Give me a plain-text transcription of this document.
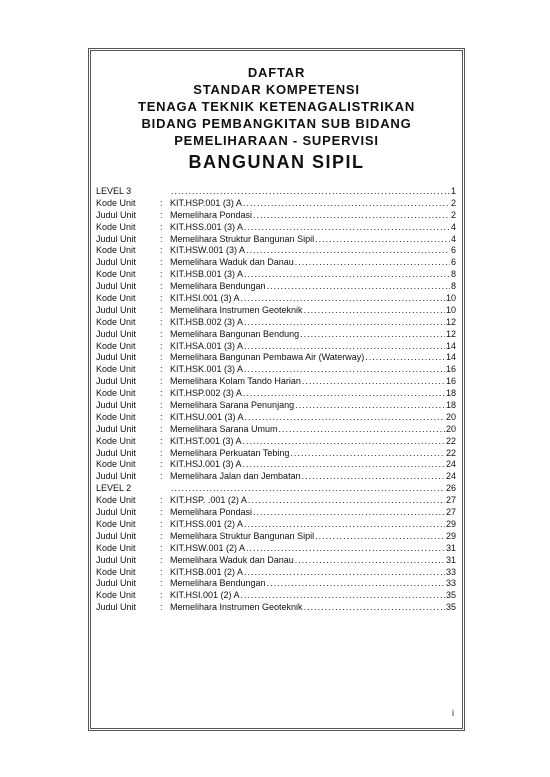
DAFTAR
STANDAR KOMPETENSI
TENAGA TEKNIK KETENAGALISTRIKAN
BIDANG PEMBANGKITAN SUB BIDANG
PEMELIHARAAN - SUPERVISI
BANGUNAN SIPIL
LEVEL 3 .....	1
Kode Unit	: KIT.HSP.001 (3) A .....	2
Judul Unit	: Memelihara Pondasi .....	2
Kode Unit	: KIT.HSS.001 (3) A .....	4
Judul Unit	: Memelihara Struktur Bangunan Sipil .....	4
Kode Unit	: KIT.HSW.001 (3) A .....	6
Judul Unit	: Memelihara Waduk dan Danau .....	6
Kode Unit	: KIT.HSB.001 (3) A .....	8
Judul Unit	: Memelihara Bendungan .....	8
Kode Unit	: KIT.HSI.001 (3) A .....	10
Judul Unit	: Memelihara Instrumen Geoteknik .....	10
Kode Unit	: KIT.HSB.002 (3) A .....	12
Judul Unit	: Memelihara Bangunan Bendung .....	12
Kode Unit	: KIT.HSA.001 (3) A .....	14
Judul Unit	: Memelihara Bangunan Pembawa Air (Waterway) .....	14
Kode Unit	: KIT.HSK.001 (3) A .....	16
Judul Unit	: Memelihara Kolam Tando Harian .....	16
Kode Unit	: KIT.HSP.002 (3) A .....	18
Judul Unit	: Memelihara Sarana Penunjang .....	18
Kode Unit	: KIT.HSU.001 (3) A .....	20
Judul Unit	: Memelihara Sarana Umum .....	20
Kode Unit	: KIT.HST.001 (3) A .....	22
Judul Unit	: Memelihara Perkuatan Tebing .....	22
Kode Unit	: KIT.HSJ.001 (3) A .....	24
Judul Unit	: Memelihara Jalan dan Jembatan .....	24
LEVEL 2 .....	26
Kode Unit	: KIT.HSP. .001 (2) A .....	27
Judul Unit	: Memelihara Pondasi .....	27
Kode Unit	: KIT.HSS.001 (2) A .....	29
Judul Unit	: Memelihara Struktur Bangunan Sipil .....	29
Kode Unit	: KIT.HSW.001 (2) A .....	31
Judul Unit	: Memelihara Waduk dan Danau .....	31
Kode Unit	: KIT.HSB.001 (2) A .....	33
Judul Unit	: Memelihara Bendungan .....	33
Kode Unit	: KIT.HSI.001 (2) A .....	35
Judul Unit	: Memelihara Instrumen Geoteknik .....	35
i
